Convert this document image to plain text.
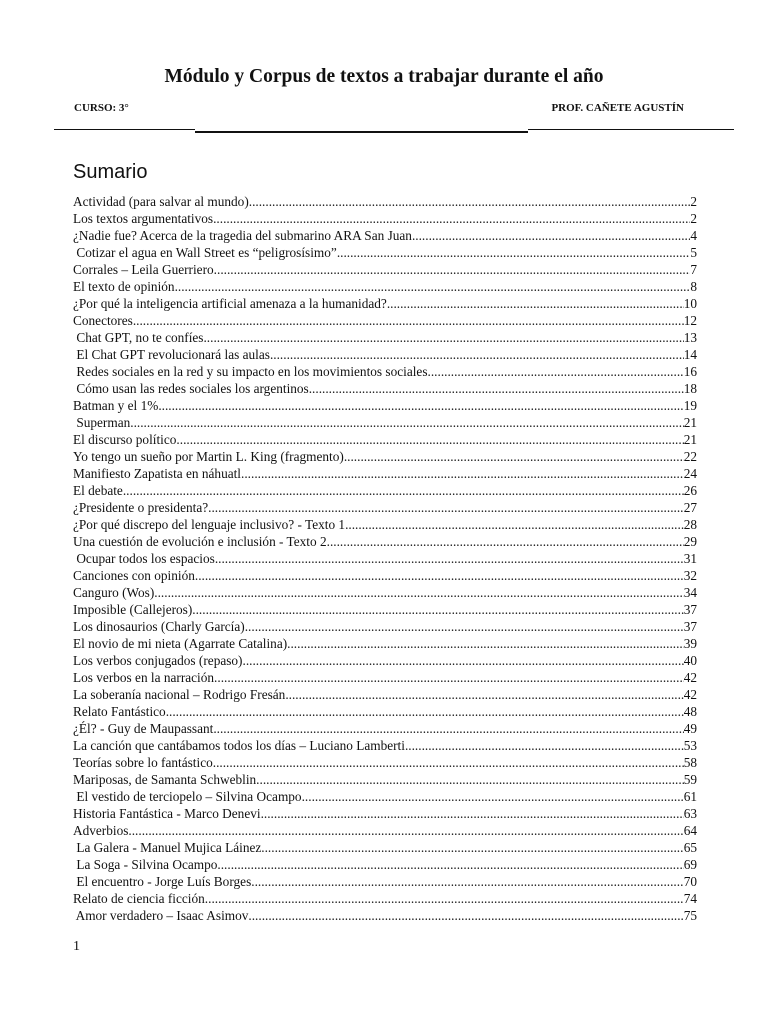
Módulo y Corpus de textos a trabajar durante el año
CURSO: 3°	PROF. CAÑETE AGUSTÍN
Sumario
Actividad (para salvar al mundo) .....	2
Los textos argumentativos .....	2
¿Nadie fue? Acerca de la tragedia del submarino ARA San Juan .....	4
Cotizar el agua en Wall Street es “peligrosísimo” .....	5
Corrales – Leila Guerriero .....	7
El texto de opinión .....	8
¿Por qué la inteligencia artificial amenaza a la humanidad? .....	10
Conectores .....	12
Chat GPT, no te confíes .....	13
El Chat GPT revolucionará las aulas .....	14
Redes sociales en la red y su impacto en los movimientos sociales .....	16
Cómo usan las redes sociales los argentinos .....	18
Batman y el 1% .....	19
Superman .....	21
El discurso político .....	21
Yo tengo un sueño por Martin L. King (fragmento) .....	22
Manifiesto Zapatista en náhuatl .....	24
El debate .....	26
¿Presidente o presidenta? .....	27
¿Por qué discrepo del lenguaje inclusivo? - Texto 1 .....	28
Una cuestión de evolución e inclusión - Texto 2 .....	29
Ocupar todos los espacios .....	31
Canciones con opinión .....	32
Canguro (Wos) .....	34
Imposible (Callejeros) .....	37
Los dinosaurios (Charly García) .....	37
El novio de mi nieta (Agarrate Catalina) .....	39
Los verbos conjugados (repaso) .....	40
Los verbos en la narración .....	42
La soberanía nacional – Rodrigo Fresán .....	42
Relato Fantástico .....	48
¿Él? - Guy de Maupassant .....	49
La canción que cantábamos todos los días – Luciano Lamberti .....	53
Teorías sobre lo fantástico .....	58
Mariposas, de Samanta Schweblin .....	59
El vestido de terciopelo – Silvina Ocampo .....	61
Historia Fantástica - Marco Denevi .....	63
Adverbios .....	64
La Galera - Manuel Mujica Láinez .....	65
La Soga - Silvina Ocampo .....	69
El encuentro - Jorge Luís Borges .....	70
Relato de ciencia ficción .....	74
Amor verdadero – Isaac Asimov .....	75
1
